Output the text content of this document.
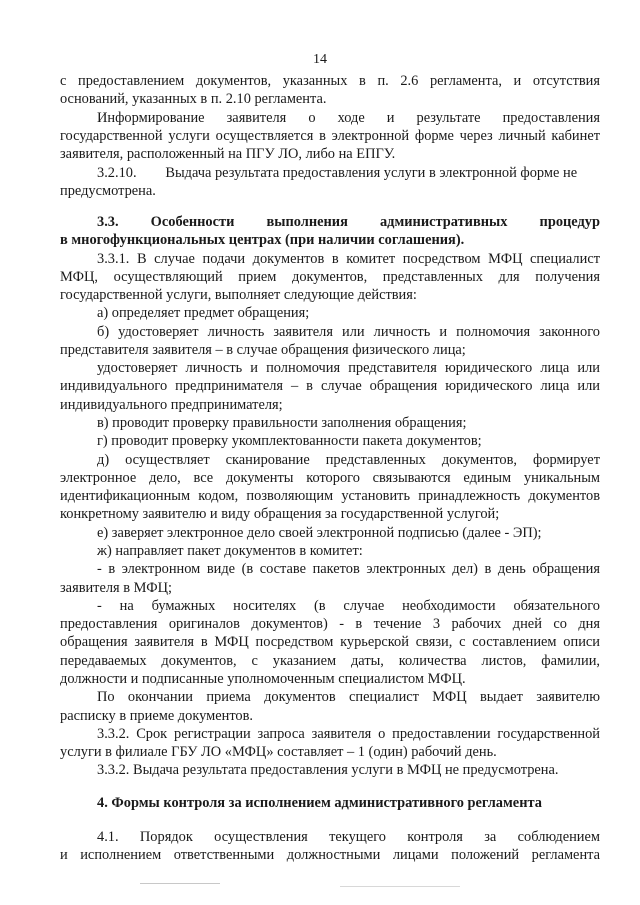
14
с предоставлением документов, указанных в п. 2.6 регламента, и отсутствия
оснований, указанных в п. 2.10 регламента.
Информирование заявителя о ходе и результате предоставления
государственной услуги осуществляется в электронной форме через личный кабинет
заявителя, расположенный на ПГУ ЛО, либо на ЕПГУ.
3.2.10.        Выдача результата предоставления услуги в электронной форме не
предусмотрена.
3.3. Особенности выполнения административных процедур
в многофункциональных центрах (при наличии соглашения).
3.3.1. В случае подачи документов в комитет посредством МФЦ специалист
МФЦ, осуществляющий прием документов, представленных для получения
государственной услуги, выполняет следующие действия:
а) определяет предмет обращения;
б) удостоверяет личность заявителя или личность и полномочия законного
представителя заявителя – в случае обращения физического лица;
удостоверяет личность и полномочия представителя юридического лица или
индивидуального предпринимателя – в случае обращения юридического лица или
индивидуального предпринимателя;
в) проводит проверку правильности заполнения обращения;
г) проводит проверку укомплектованности пакета документов;
д) осуществляет сканирование представленных документов, формирует
электронное дело, все документы которого связываются единым уникальным
идентификационным кодом, позволяющим установить принадлежность документов
конкретному заявителю и виду обращения за государственной услугой;
е) заверяет электронное дело своей электронной подписью (далее - ЭП);
ж) направляет пакет документов в комитет:
- в электронном виде (в составе пакетов электронных дел) в день обращения
заявителя в МФЦ;
- на бумажных носителях (в случае необходимости обязательного
предоставления оригиналов документов) - в течение 3 рабочих дней со дня
обращения заявителя в МФЦ посредством курьерской связи, с составлением описи
передаваемых документов, с указанием даты, количества листов, фамилии,
должности и подписанные уполномоченным специалистом МФЦ.
По окончании приема документов специалист МФЦ выдает заявителю
расписку в приеме документов.
3.3.2. Срок регистрации запроса заявителя о предоставлении государственной
услуги в филиале ГБУ ЛО «МФЦ» составляет – 1 (один) рабочий день.
3.3.2. Выдача результата предоставления услуги в МФЦ не предусмотрена.
4. Формы контроля за исполнением административного регламента
4.1. Порядок осуществления текущего контроля за соблюдением
и исполнением ответственными должностными лицами положений регламента
